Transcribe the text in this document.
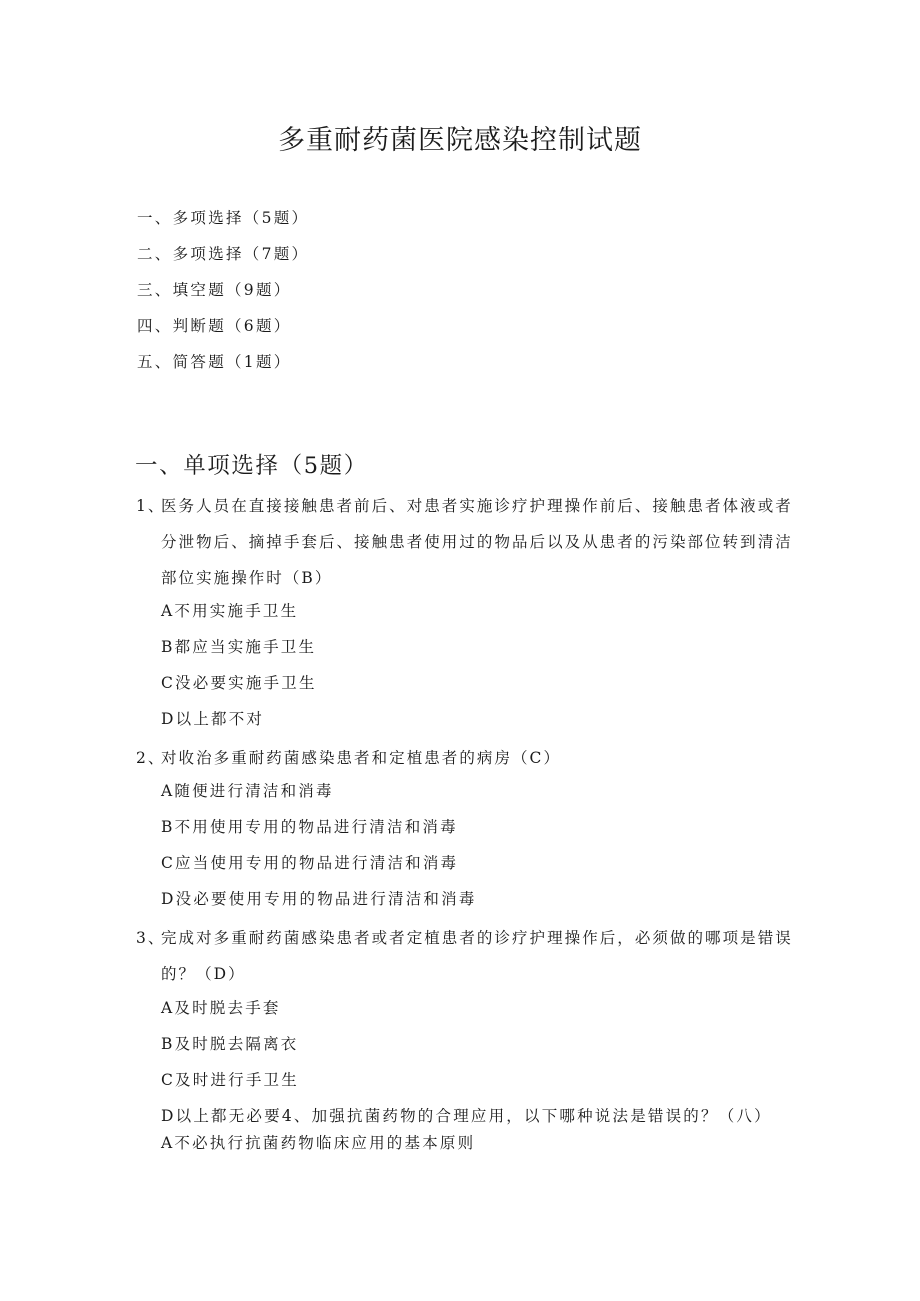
多重耐药菌医院感染控制试题
一、多项选择（5题）
二、多项选择（7题）
三、填空题（9题）
四、判断题（6题）
五、简答题（1题）
一、单项选择（5题）
1、
医务人员在直接接触患者前后、对患者实施诊疗护理操作前后、接触患者体液或者分泄物后、摘掉手套后、接触患者使用过的物品后以及从患者的污染部位转到清洁部位实施操作时（B）
A不用实施手卫生
B都应当实施手卫生
C没必要实施手卫生
D以上都不对
2、
对收治多重耐药菌感染患者和定植患者的病房（C）
A随便进行清洁和消毒
B不用使用专用的物品进行清洁和消毒
C应当使用专用的物品进行清洁和消毒
D没必要使用专用的物品进行清洁和消毒
3、
完成对多重耐药菌感染患者或者定植患者的诊疗护理操作后，必须做的哪项是错误的？（D）
A及时脱去手套
B及时脱去隔离衣
C及时进行手卫生
D以上都无必要4、加强抗菌药物的合理应用，以下哪种说法是错误的？（八）
A不必执行抗菌药物临床应用的基本原则
